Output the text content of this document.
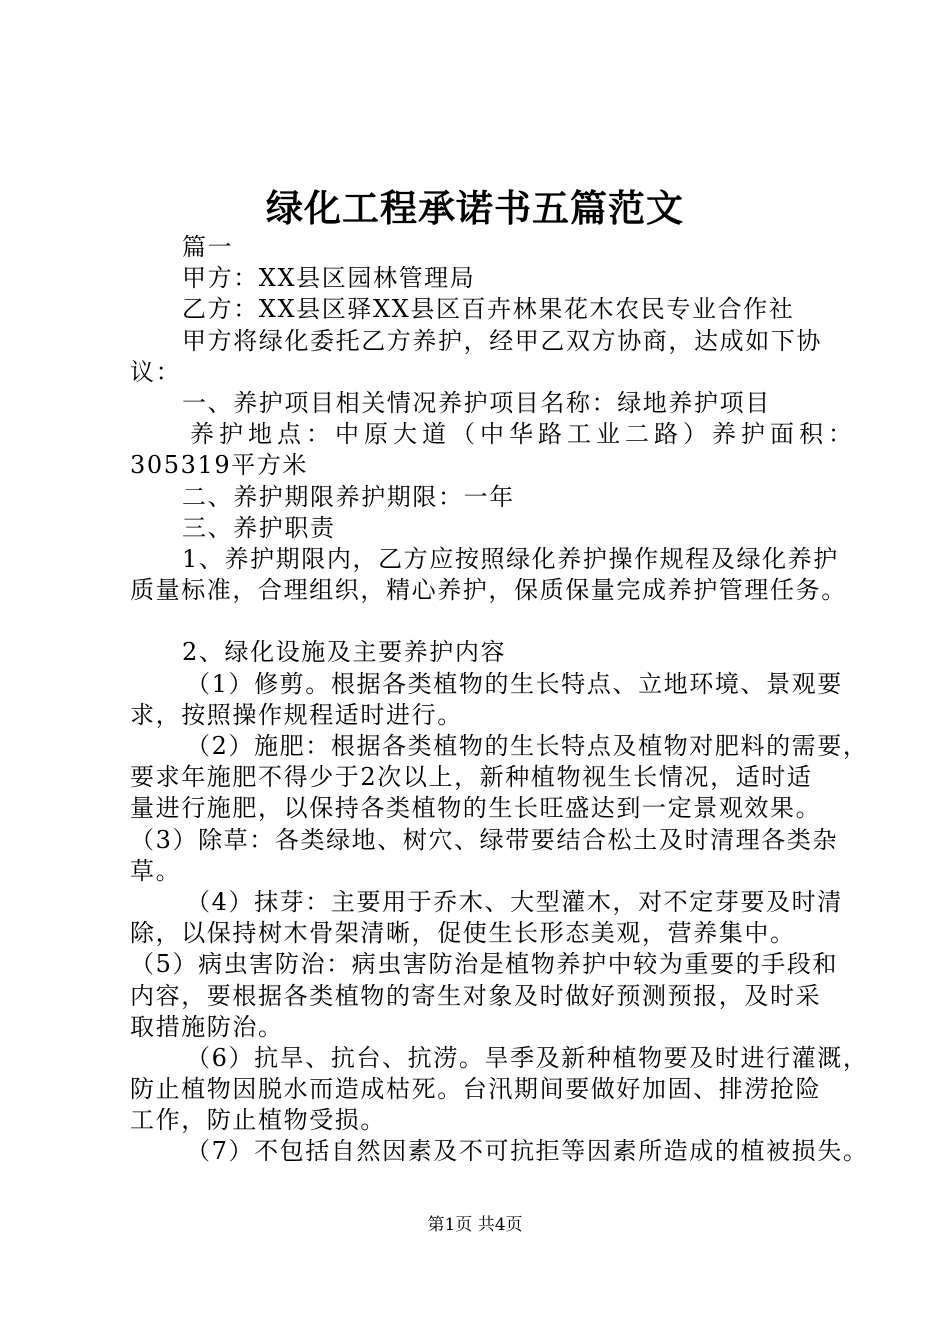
绿化工程承诺书五篇范文
篇一
甲方：XX县区园林管理局
乙方：XX县区驿XX县区百卉林果花木农民专业合作社
甲方将绿化委托乙方养护，经甲乙双方协商，达成如下协
议：
一、养护项目相关情况养护项目名称：绿地养护项目
养护地点：中原大道（中华路工业二路）养护面积：
305319平方米
二、养护期限养护期限：一年
三、养护职责
1、养护期限内，乙方应按照绿化养护操作规程及绿化养护
质量标准，合理组织，精心养护，保质保量完成养护管理任务。
2、绿化设施及主要养护内容
（1）修剪。根据各类植物的生长特点、立地环境、景观要
求，按照操作规程适时进行。
（2）施肥：根据各类植物的生长特点及植物对肥料的需要，
要求年施肥不得少于2次以上，新种植物视生长情况，适时适
量进行施肥，以保持各类植物的生长旺盛达到一定景观效果。
（3）除草：各类绿地、树穴、绿带要结合松土及时清理各类杂
草。
（4）抹芽：主要用于乔木、大型灌木，对不定芽要及时清
除，以保持树木骨架清晰，促使生长形态美观，营养集中。
（5）病虫害防治：病虫害防治是植物养护中较为重要的手段和
内容，要根据各类植物的寄生对象及时做好预测预报，及时采
取措施防治。
（6）抗旱、抗台、抗涝。旱季及新种植物要及时进行灌溉，
防止植物因脱水而造成枯死。台汛期间要做好加固、排涝抢险
工作，防止植物受损。
（7）不包括自然因素及不可抗拒等因素所造成的植被损失。
第1页 共4页
